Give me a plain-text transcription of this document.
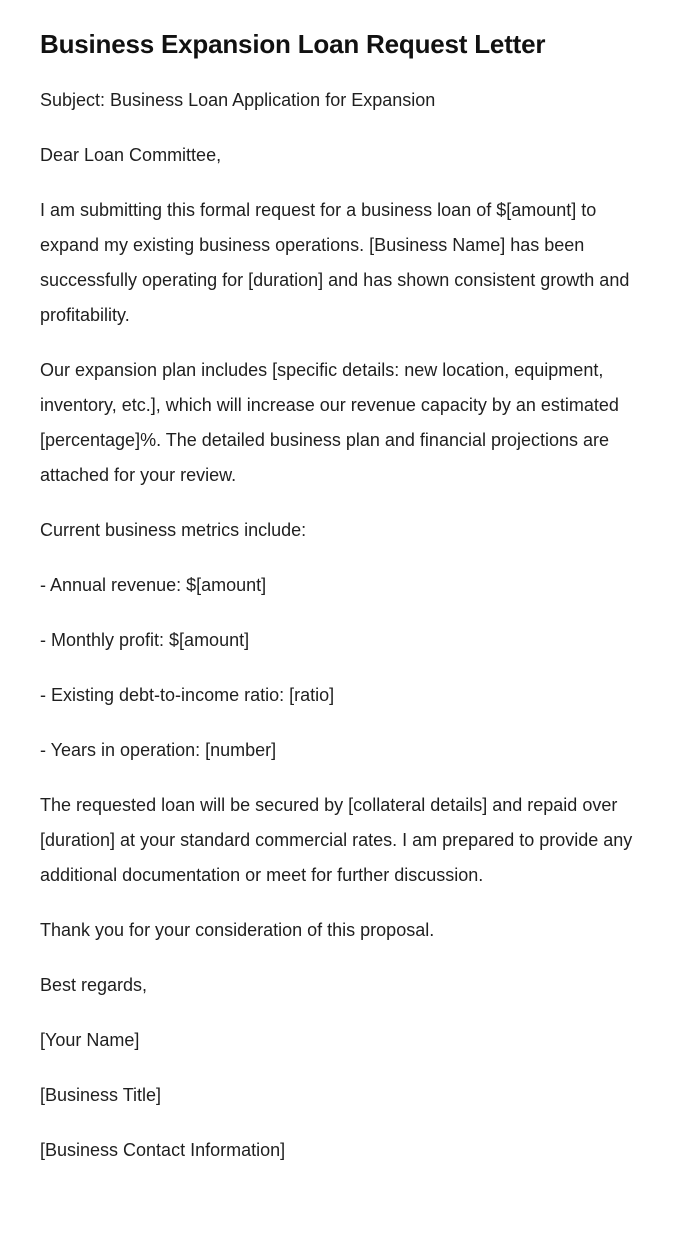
Business Expansion Loan Request Letter

Subject: Business Loan Application for Expansion

Dear Loan Committee,

I am submitting this formal request for a business loan of $[amount] to expand my existing business operations. [Business Name] has been successfully operating for [duration] and has shown consistent growth and profitability.

Our expansion plan includes [specific details: new location, equipment, inventory, etc.], which will increase our revenue capacity by an estimated [percentage]%. The detailed business plan and financial projections are attached for your review.

Current business metrics include:

- Annual revenue: $[amount]

- Monthly profit: $[amount]

- Existing debt-to-income ratio: [ratio]

- Years in operation: [number]

The requested loan will be secured by [collateral details] and repaid over [duration] at your standard commercial rates. I am prepared to provide any additional documentation or meet for further discussion.

Thank you for your consideration of this proposal.

Best regards,

[Your Name]

[Business Title]

[Business Contact Information]
